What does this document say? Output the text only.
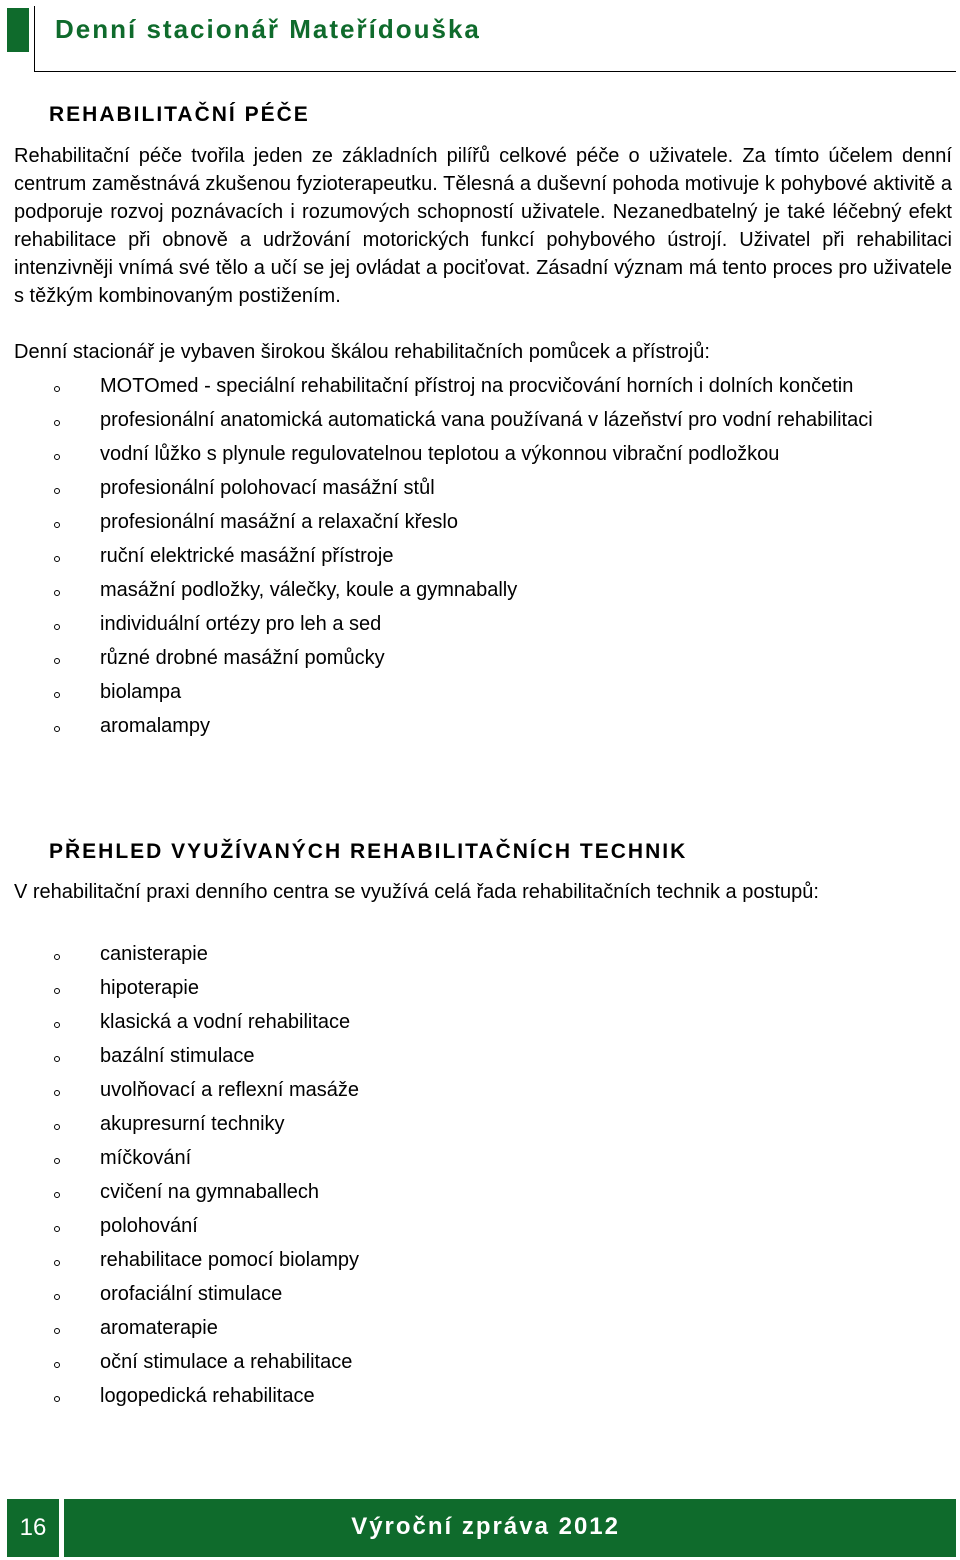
Denní stacionář Mateřídouška
REHABILITAČNÍ PÉČE
Rehabilitační péče tvořila jeden ze základních pilířů celkové péče o uživatele. Za tímto účelem denní centrum zaměstnává zkušenou fyzioterapeutku. Tělesná a duševní pohoda motivuje k pohybové aktivitě a podporuje rozvoj poznávacích i rozumových schopností uživatele. Nezanedbatelný je také léčebný efekt rehabilitace při obnově a udržování motorických funkcí pohybového ústrojí. Uživatel při rehabilitaci intenzivněji vnímá své tělo a učí se jej ovládat a pociťovat. Zásadní význam má tento proces pro uživatele s těžkým kombinovaným postižením.
Denní stacionář je vybaven širokou škálou rehabilitačních pomůcek a přístrojů:
MOTOmed - speciální rehabilitační přístroj na procvičování horních i dolních končetin
profesionální anatomická automatická vana používaná v lázeňství pro vodní rehabilitaci
vodní lůžko s plynule regulovatelnou teplotou a výkonnou vibrační podložkou
profesionální polohovací masážní stůl
profesionální masážní a relaxační křeslo
ruční elektrické masážní přístroje
masážní podložky, válečky, koule a gymnabally
individuální ortézy pro leh a sed
různé drobné masážní pomůcky
biolampa
aromalampy
PŘEHLED VYUŽÍVANÝCH REHABILITAČNÍCH TECHNIK
V rehabilitační praxi denního centra se využívá celá řada rehabilitačních technik a postupů:
canisterapie
hipoterapie
klasická a vodní rehabilitace
bazální stimulace
uvolňovací a reflexní masáže
akupresurní techniky
míčkování
cvičení na gymnaballech
polohování
rehabilitace pomocí biolampy
orofaciální stimulace
aromaterapie
oční stimulace a rehabilitace
logopedická rehabilitace
16	Výroční zpráva 2012
